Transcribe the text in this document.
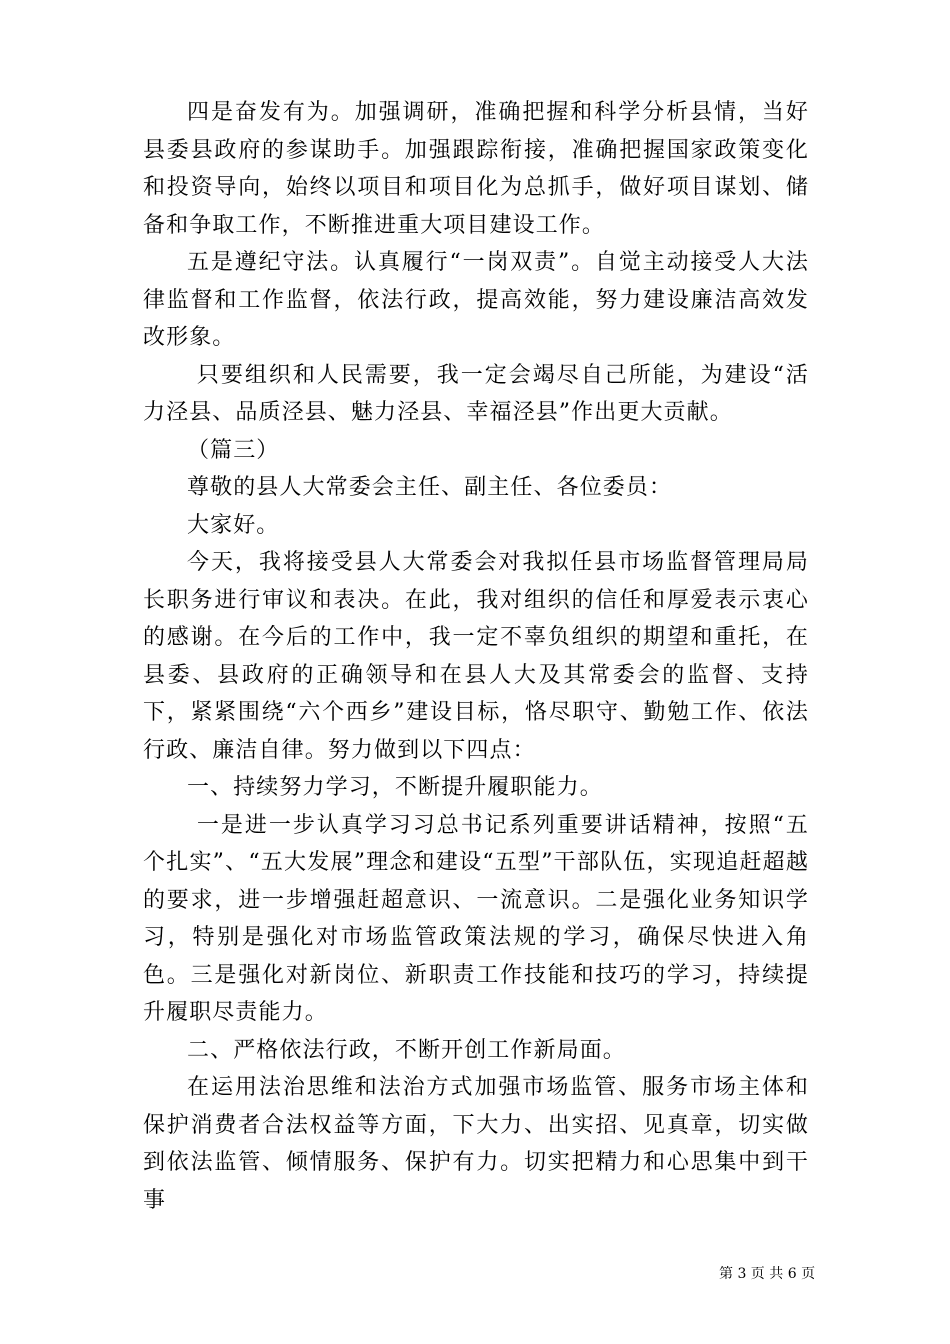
四是奋发有为。加强调研，准确把握和科学分析县情，当好县委县政府的参谋助手。加强跟踪衔接，准确把握国家政策变化和投资导向，始终以项目和项目化为总抓手，做好项目谋划、储备和争取工作，不断推进重大项目建设工作。

五是遵纪守法。认真履行“一岗双责”。自觉主动接受人大法律监督和工作监督，依法行政，提高效能，努力建设廉洁高效发改形象。

只要组织和人民需要，我一定会竭尽自己所能，为建设“活力泾县、品质泾县、魅力泾县、幸福泾县”作出更大贡献。

（篇三）

尊敬的县人大常委会主任、副主任、各位委员：

大家好。

今天，我将接受县人大常委会对我拟任县市场监督管理局局长职务进行审议和表决。在此，我对组织的信任和厚爱表示衷心的感谢。在今后的工作中，我一定不辜负组织的期望和重托，在县委、县政府的正确领导和在县人大及其常委会的监督、支持下，紧紧围绕“六个西乡”建设目标，恪尽职守、勤勉工作、依法行政、廉洁自律。努力做到以下四点：

一、持续努力学习，不断提升履职能力。

一是进一步认真学习习总书记系列重要讲话精神，按照“五个扎实”、“五大发展”理念和建设“五型”干部队伍，实现追赶超越的要求，进一步增强赶超意识、一流意识。二是强化业务知识学习，特别是强化对市场监管政策法规的学习，确保尽快进入角色。三是强化对新岗位、新职责工作技能和技巧的学习，持续提升履职尽责能力。

二、严格依法行政，不断开创工作新局面。

在运用法治思维和法治方式加强市场监管、服务市场主体和保护消费者合法权益等方面，下大力、出实招、见真章，切实做到依法监管、倾情服务、保护有力。切实把精力和心思集中到干事

第 3 页 共 6 页
